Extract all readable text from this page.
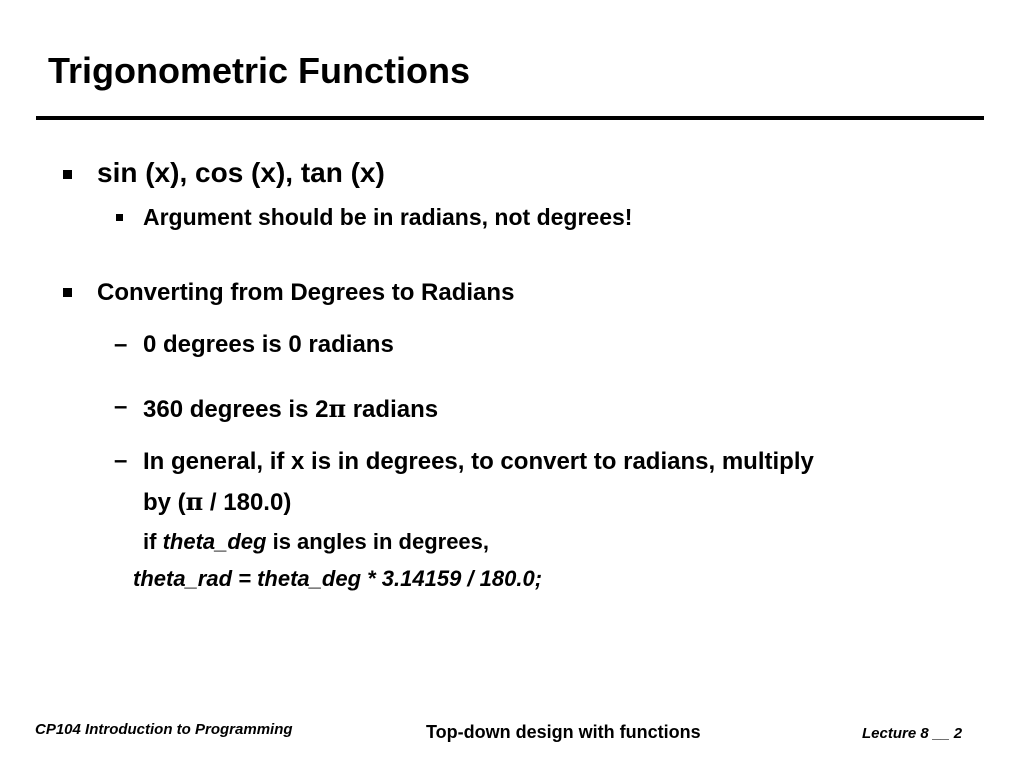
Trigonometric Functions
sin (x), cos (x), tan (x)
Argument should be in radians, not degrees!
Converting from Degrees to Radians
– 0 degrees is 0 radians
– 360 degrees is 2π radians
– In general, if x is in degrees, to convert to radians, multiply
by (π / 180.0)
if theta_deg is angles in degrees,
theta_rad = theta_deg * 3.14159 / 180.0;
CP104 Introduction to Programming	Top-down design with functions	Lecture 8 __ 2
